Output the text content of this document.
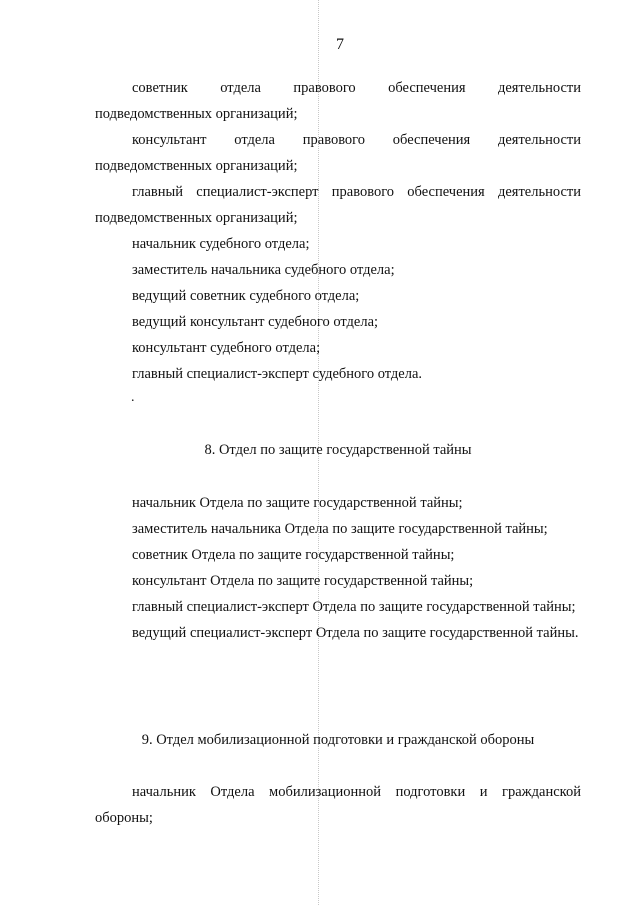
7

советник отдела правового обеспечения деятельности подведомственных организаций;

консультант отдела правового обеспечения деятельности подведомственных организаций;

главный специалист-эксперт правового обеспечения деятельности подведомственных организаций;

начальник судебного отдела;

заместитель начальника судебного отдела;

ведущий советник судебного отдела;

ведущий консультант судебного отдела;

консультант судебного отдела;

главный специалист-эксперт судебного отдела.

.
8. Отдел по защите государственной тайны

начальник Отдела по защите государственной тайны;

заместитель начальника Отдела по защите государственной тайны;

советник Отдела по защите государственной тайны;

консультант Отдела по защите государственной тайны;

главный специалист-эксперт Отдела по защите государственной тайны;

ведущий специалист-эксперт Отдела по защите государственной тайны.

9. Отдел мобилизационной подготовки и гражданской обороны

начальник Отдела мобилизационной подготовки и гражданской обороны;
